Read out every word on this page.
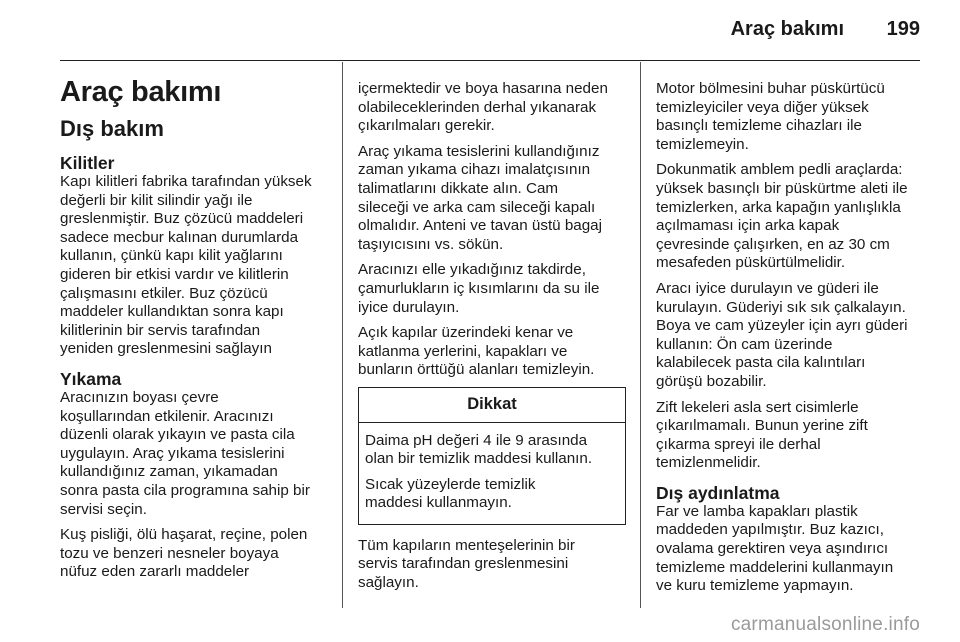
Araç bakımı 199
Araç bakımı
Dış bakım
Kilitler

Kapı kilitleri fabrika tarafından yüksek
değerli bir kilit silindir yağı ile
greslenmiştir. Buz çözücü maddeleri
sadece mecbur kalınan durumlarda
kullanın, çünkü kapı kilit yağlarını
gideren bir etkisi vardır ve kilitlerin
çalışmasını etkiler. Buz çözücü
maddeler kullandıktan sonra kapı
kilitlerinin bir servis tarafından
yeniden greslenmesini sağlayın

Yıkama

Aracınızın boyası çevre
koşullarından etkilenir. Aracınızı
düzenli olarak yıkayın ve pasta cila
uygulayın. Araç yıkama tesislerini
kullandığınız zaman, yıkamadan
sonra pasta cila programına sahip bir
servisi seçin.

Kuş pisliği, ölü haşarat, reçine, polen
tozu ve benzeri nesneler boyaya
nüfuz eden zararlı maddeler

içermektedir ve boya hasarına neden
olabileceklerinden derhal yıkanarak
çıkarılmaları gerekir.

Araç yıkama tesislerini kullandığınız
zaman yıkama cihazı imalatçısının
talimatlarını dikkate alın. Cam
sileceği ve arka cam sileceği kapalı
olmalıdır. Anteni ve tavan üstü bagaj
taşıyıcısını vs. sökün.

Aracınızı elle yıkadığınız takdirde,
çamurlukların iç kısımlarını da su ile
iyice durulayın.

Açık kapılar üzerindeki kenar ve
katlanma yerlerini, kapakları ve
bunların örttüğü alanları temizleyin.

Dikkat

Daima pH değeri 4 ile 9 arasında
olan bir temizlik maddesi kullanın.

Sıcak yüzeylerde temizlik
maddesi kullanmayın.

Tüm kapıların menteşelerinin bir
servis tarafından greslenmesini
sağlayın.

Motor bölmesini buhar püskürtücü
temizleyiciler veya diğer yüksek
basınçlı temizleme cihazları ile
temizlemeyin.

Dokunmatik amblem pedli araçlarda:
yüksek basınçlı bir püskürtme aleti ile
temizlerken, arka kapağın yanlışlıkla
açılmaması için arka kapak
çevresinde çalışırken, en az 30 cm
mesafeden püskürtülmelidir.

Aracı iyice durulayın ve güderi ile
kurulayın. Güderiyi sık sık çalkalayın.
Boya ve cam yüzeyler için ayrı güderi
kullanın: Ön cam üzerinde
kalabilecek pasta cila kalıntıları
görüşü bozabilir.

Zift lekeleri asla sert cisimlerle
çıkarılmamalı. Bunun yerine zift
çıkarma spreyi ile derhal
temizlenmelidir.

Dış aydınlatma

Far ve lamba kapakları plastik
maddeden yapılmıştır. Buz kazıcı,
ovalama gerektiren veya aşındırıcı
temizleme maddelerini kullanmayın
ve kuru temizleme yapmayın.

carmanualsonline.info
